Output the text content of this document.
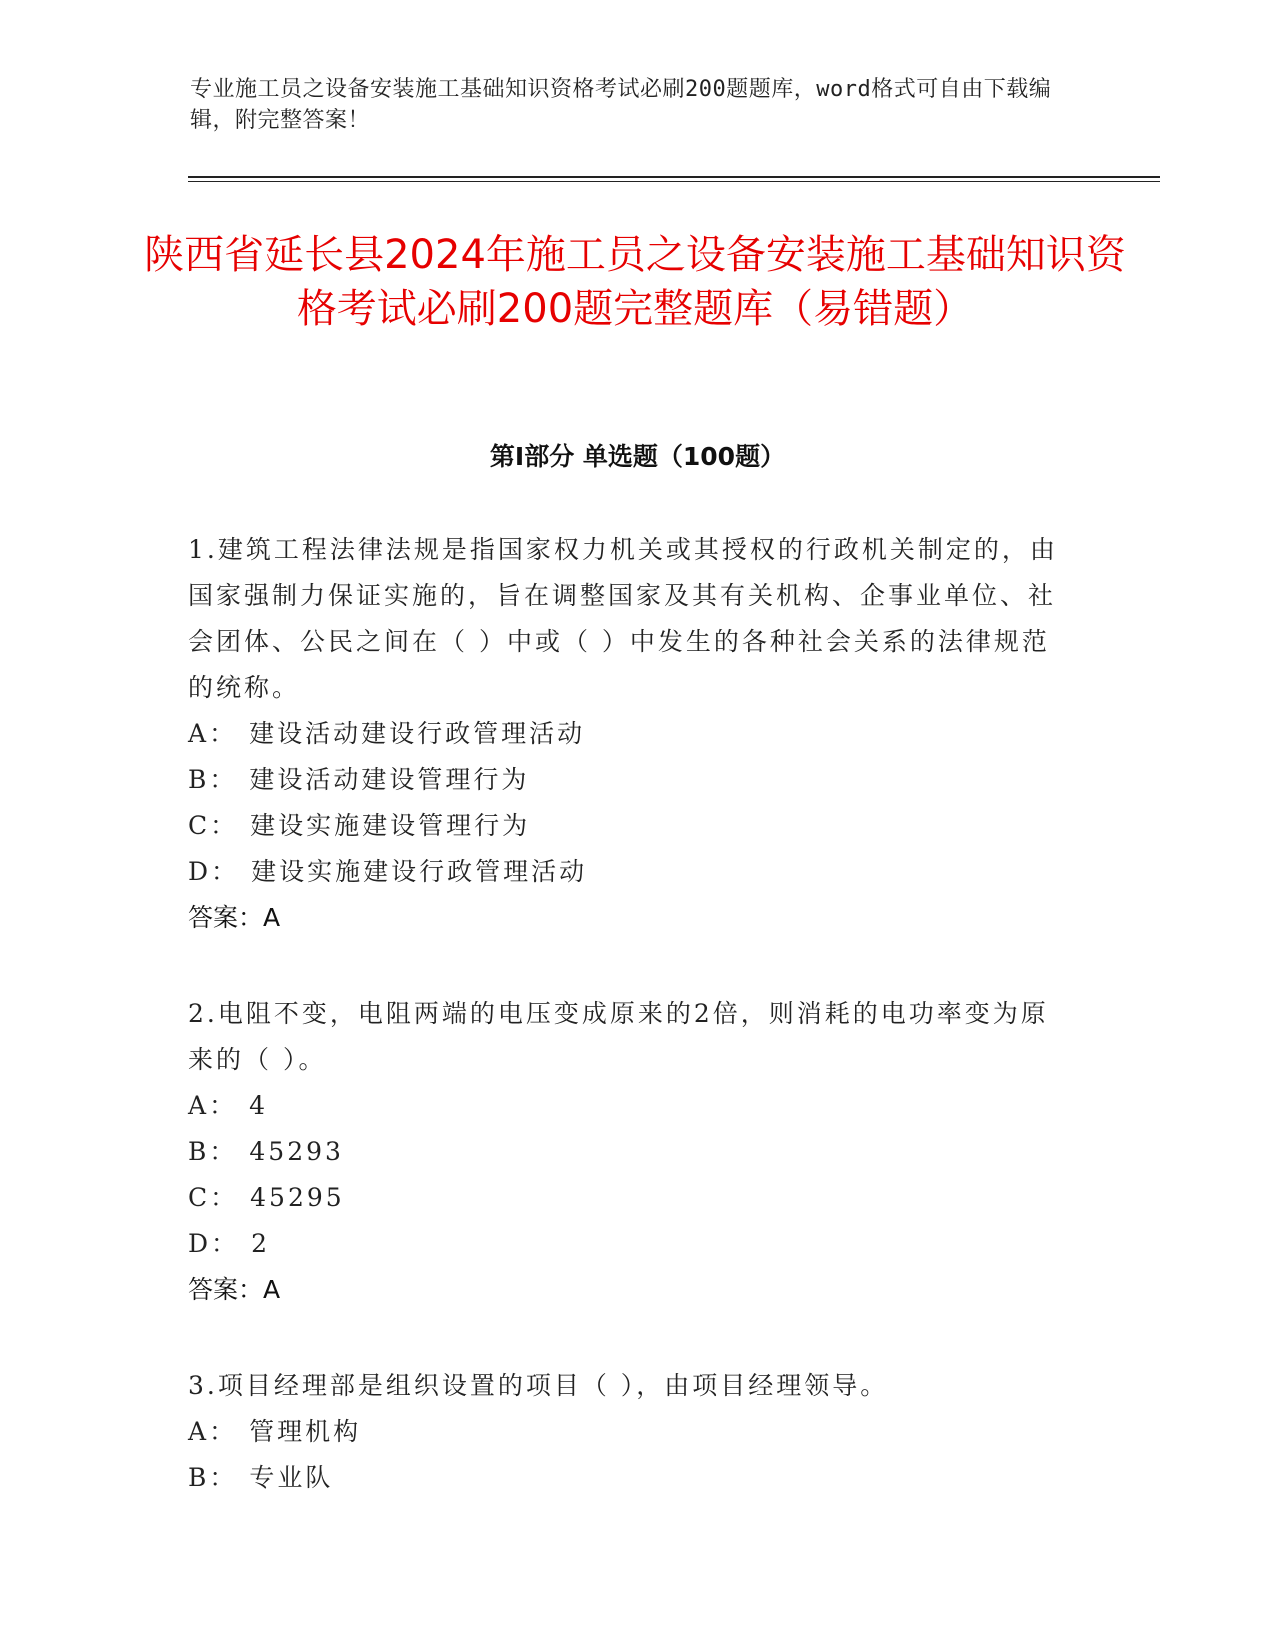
专业施工员之设备安装施工基础知识资格考试必刷200题题库，word格式可自由下载编辑，附完整答案！
陕西省延长县2024年施工员之设备安装施工基础知识资格考试必刷200题完整题库（易错题）
第I部分 单选题（100题）

1.建筑工程法律法规是指国家权力机关或其授权的行政机关制定的，由国家强制力保证实施的，旨在调整国家及其有关机构、企事业单位、社会团体、公民之间在（ ）中或（ ）中发生的各种社会关系的法律规范的统称。

A ： 建设活动建设行政管理活动

B ： 建设活动建设管理行为

C ： 建设实施建设管理行为

D ： 建设实施建设行政管理活动

答案：A

2.电阻不变，电阻两端的电压变成原来的2倍，则消耗的电功率变为原来的（ ）。

A ： 4

B ： 45293

C ： 45295

D ： 2

答案：A

3.项目经理部是组织设置的项目（ ），由项目经理领导。

A ： 管理机构

B ： 专业队
